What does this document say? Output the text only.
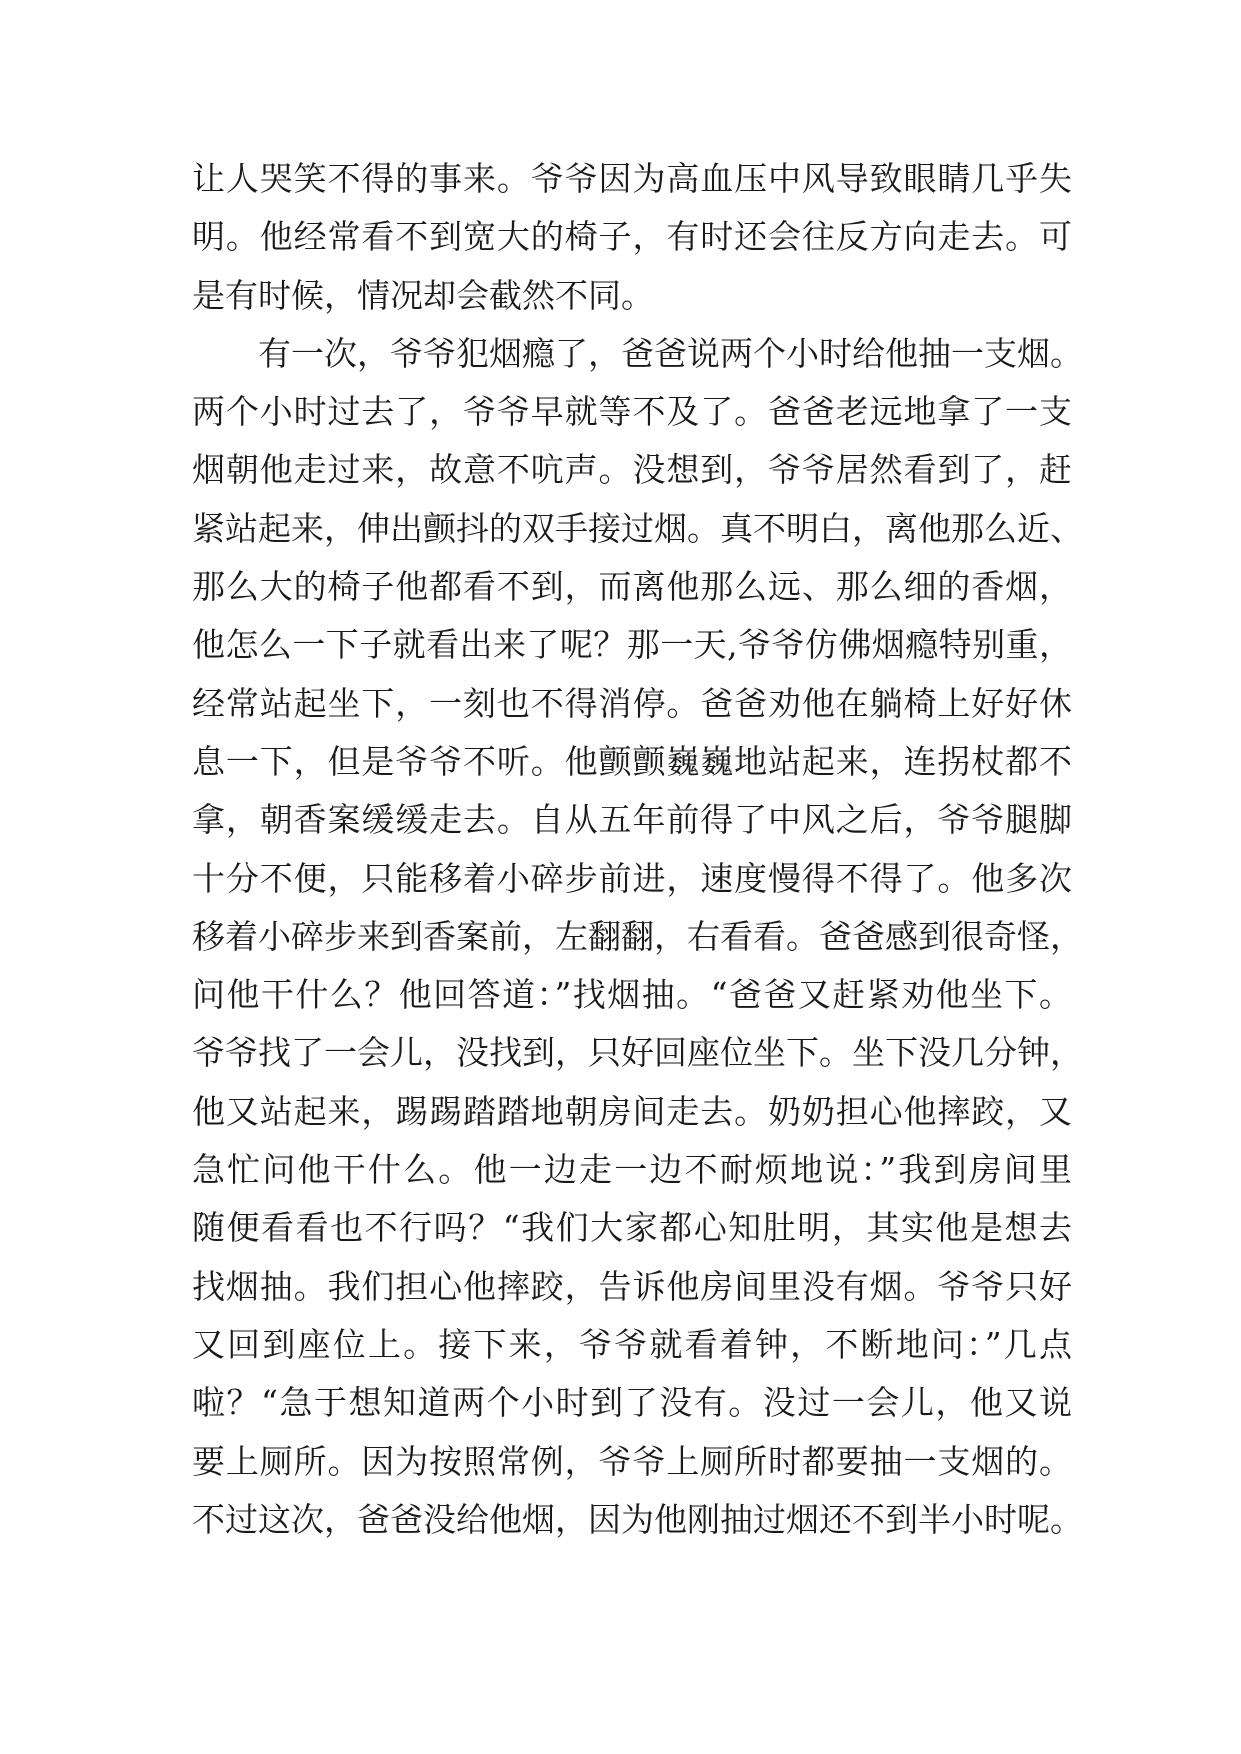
让人哭笑不得的事来。爷爷因为高血压中风导致眼睛几乎失
明。他经常看不到宽大的椅子，有时还会往反方向走去。可
是有时候，情况却会截然不同。
有一次，爷爷犯烟瘾了，爸爸说两个小时给他抽一支烟。
两个小时过去了，爷爷早就等不及了。爸爸老远地拿了一支
烟朝他走过来，故意不吭声。没想到，爷爷居然看到了，赶
紧站起来，伸出颤抖的双手接过烟。真不明白，离他那么近、
那么大的椅子他都看不到，而离他那么远、那么细的香烟，
他怎么一下子就看出来了呢？那一天,爷爷仿佛烟瘾特别重，
经常站起坐下，一刻也不得消停。爸爸劝他在躺椅上好好休
息一下，但是爷爷不听。他颤颤巍巍地站起来，连拐杖都不
拿，朝香案缓缓走去。自从五年前得了中风之后，爷爷腿脚
十分不便，只能移着小碎步前进，速度慢得不得了。他多次
移着小碎步来到香案前，左翻翻，右看看。爸爸感到很奇怪，
问他干什么？他回答道：”找烟抽。“爸爸又赶紧劝他坐下。
爷爷找了一会儿，没找到，只好回座位坐下。坐下没几分钟，
他又站起来，踢踢踏踏地朝房间走去。奶奶担心他摔跤，又
急忙问他干什么。他一边走一边不耐烦地说：”我到房间里
随便看看也不行吗？“我们大家都心知肚明，其实他是想去
找烟抽。我们担心他摔跤，告诉他房间里没有烟。爷爷只好
又回到座位上。接下来，爷爷就看着钟，不断地问：”几点
啦？“急于想知道两个小时到了没有。没过一会儿，他又说
要上厕所。因为按照常例，爷爷上厕所时都要抽一支烟的。
不过这次，爸爸没给他烟，因为他刚抽过烟还不到半小时呢。
